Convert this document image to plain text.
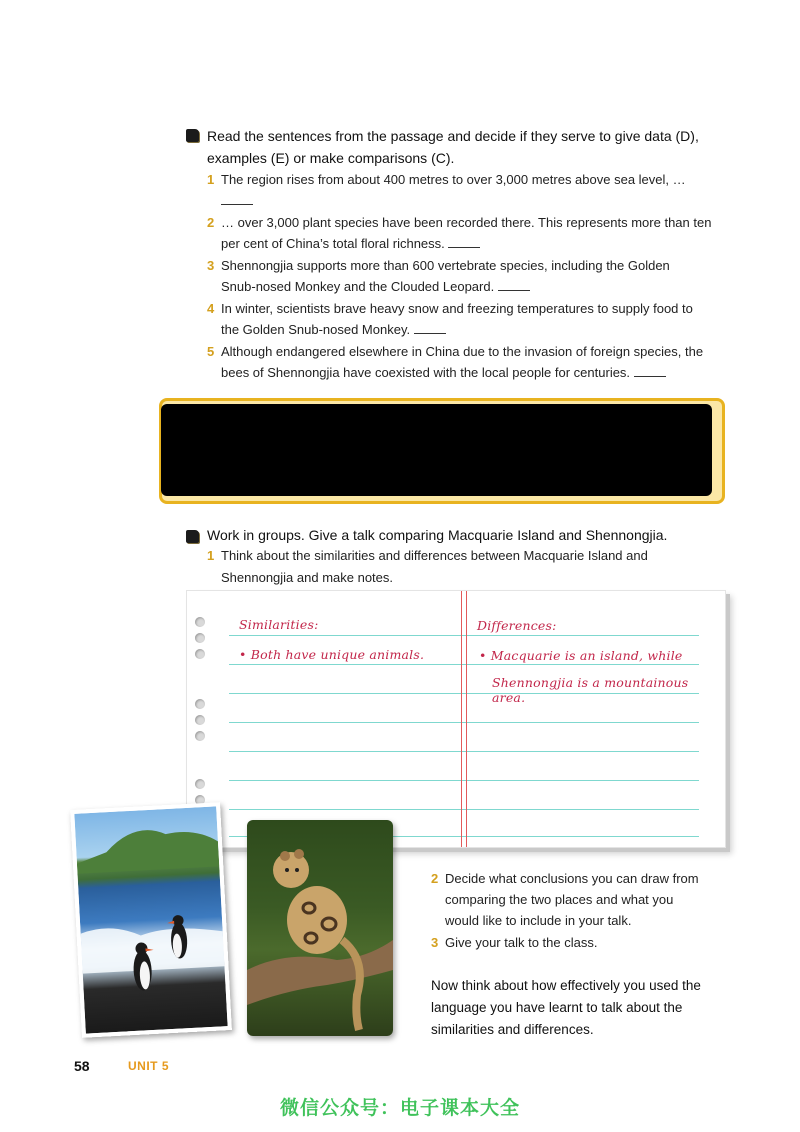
Read the sentences from the passage and decide if they serve to give data (D),
examples (E) or make comparisons (C).
1 The region rises from about 400 metres to over 3,000 metres above sea level, …
2 … over 3,000 plant species have been recorded there. This represents more than ten
per cent of China’s total floral richness.
3 Shennongjia supports more than 600 vertebrate species, including the Golden
Snub-nosed Monkey and the Clouded Leopard.
4 In winter, scientists brave heavy snow and freezing temperatures to supply food to
the Golden Snub-nosed Monkey.
5 Although endangered elsewhere in China due to the invasion of foreign species, the
bees of Shennongjia have coexisted with the local people for centuries.
Work in groups. Give a talk comparing Macquarie Island and Shennongjia.
1 Think about the similarities and differences between Macquarie Island and
Shennongjia and make notes.
Similarities:
• Both have unique animals.
Differences:
• Macquarie is an island, while
Shennongjia is a mountainous area.
2 Decide what conclusions you can draw from
comparing the two places and what you
would like to include in your talk.
3 Give your talk to the class.
Now think about how effectively you used the
language you have learnt to talk about the
similarities and differences.
58	UNIT 5
微信公众号：电子课本大全
